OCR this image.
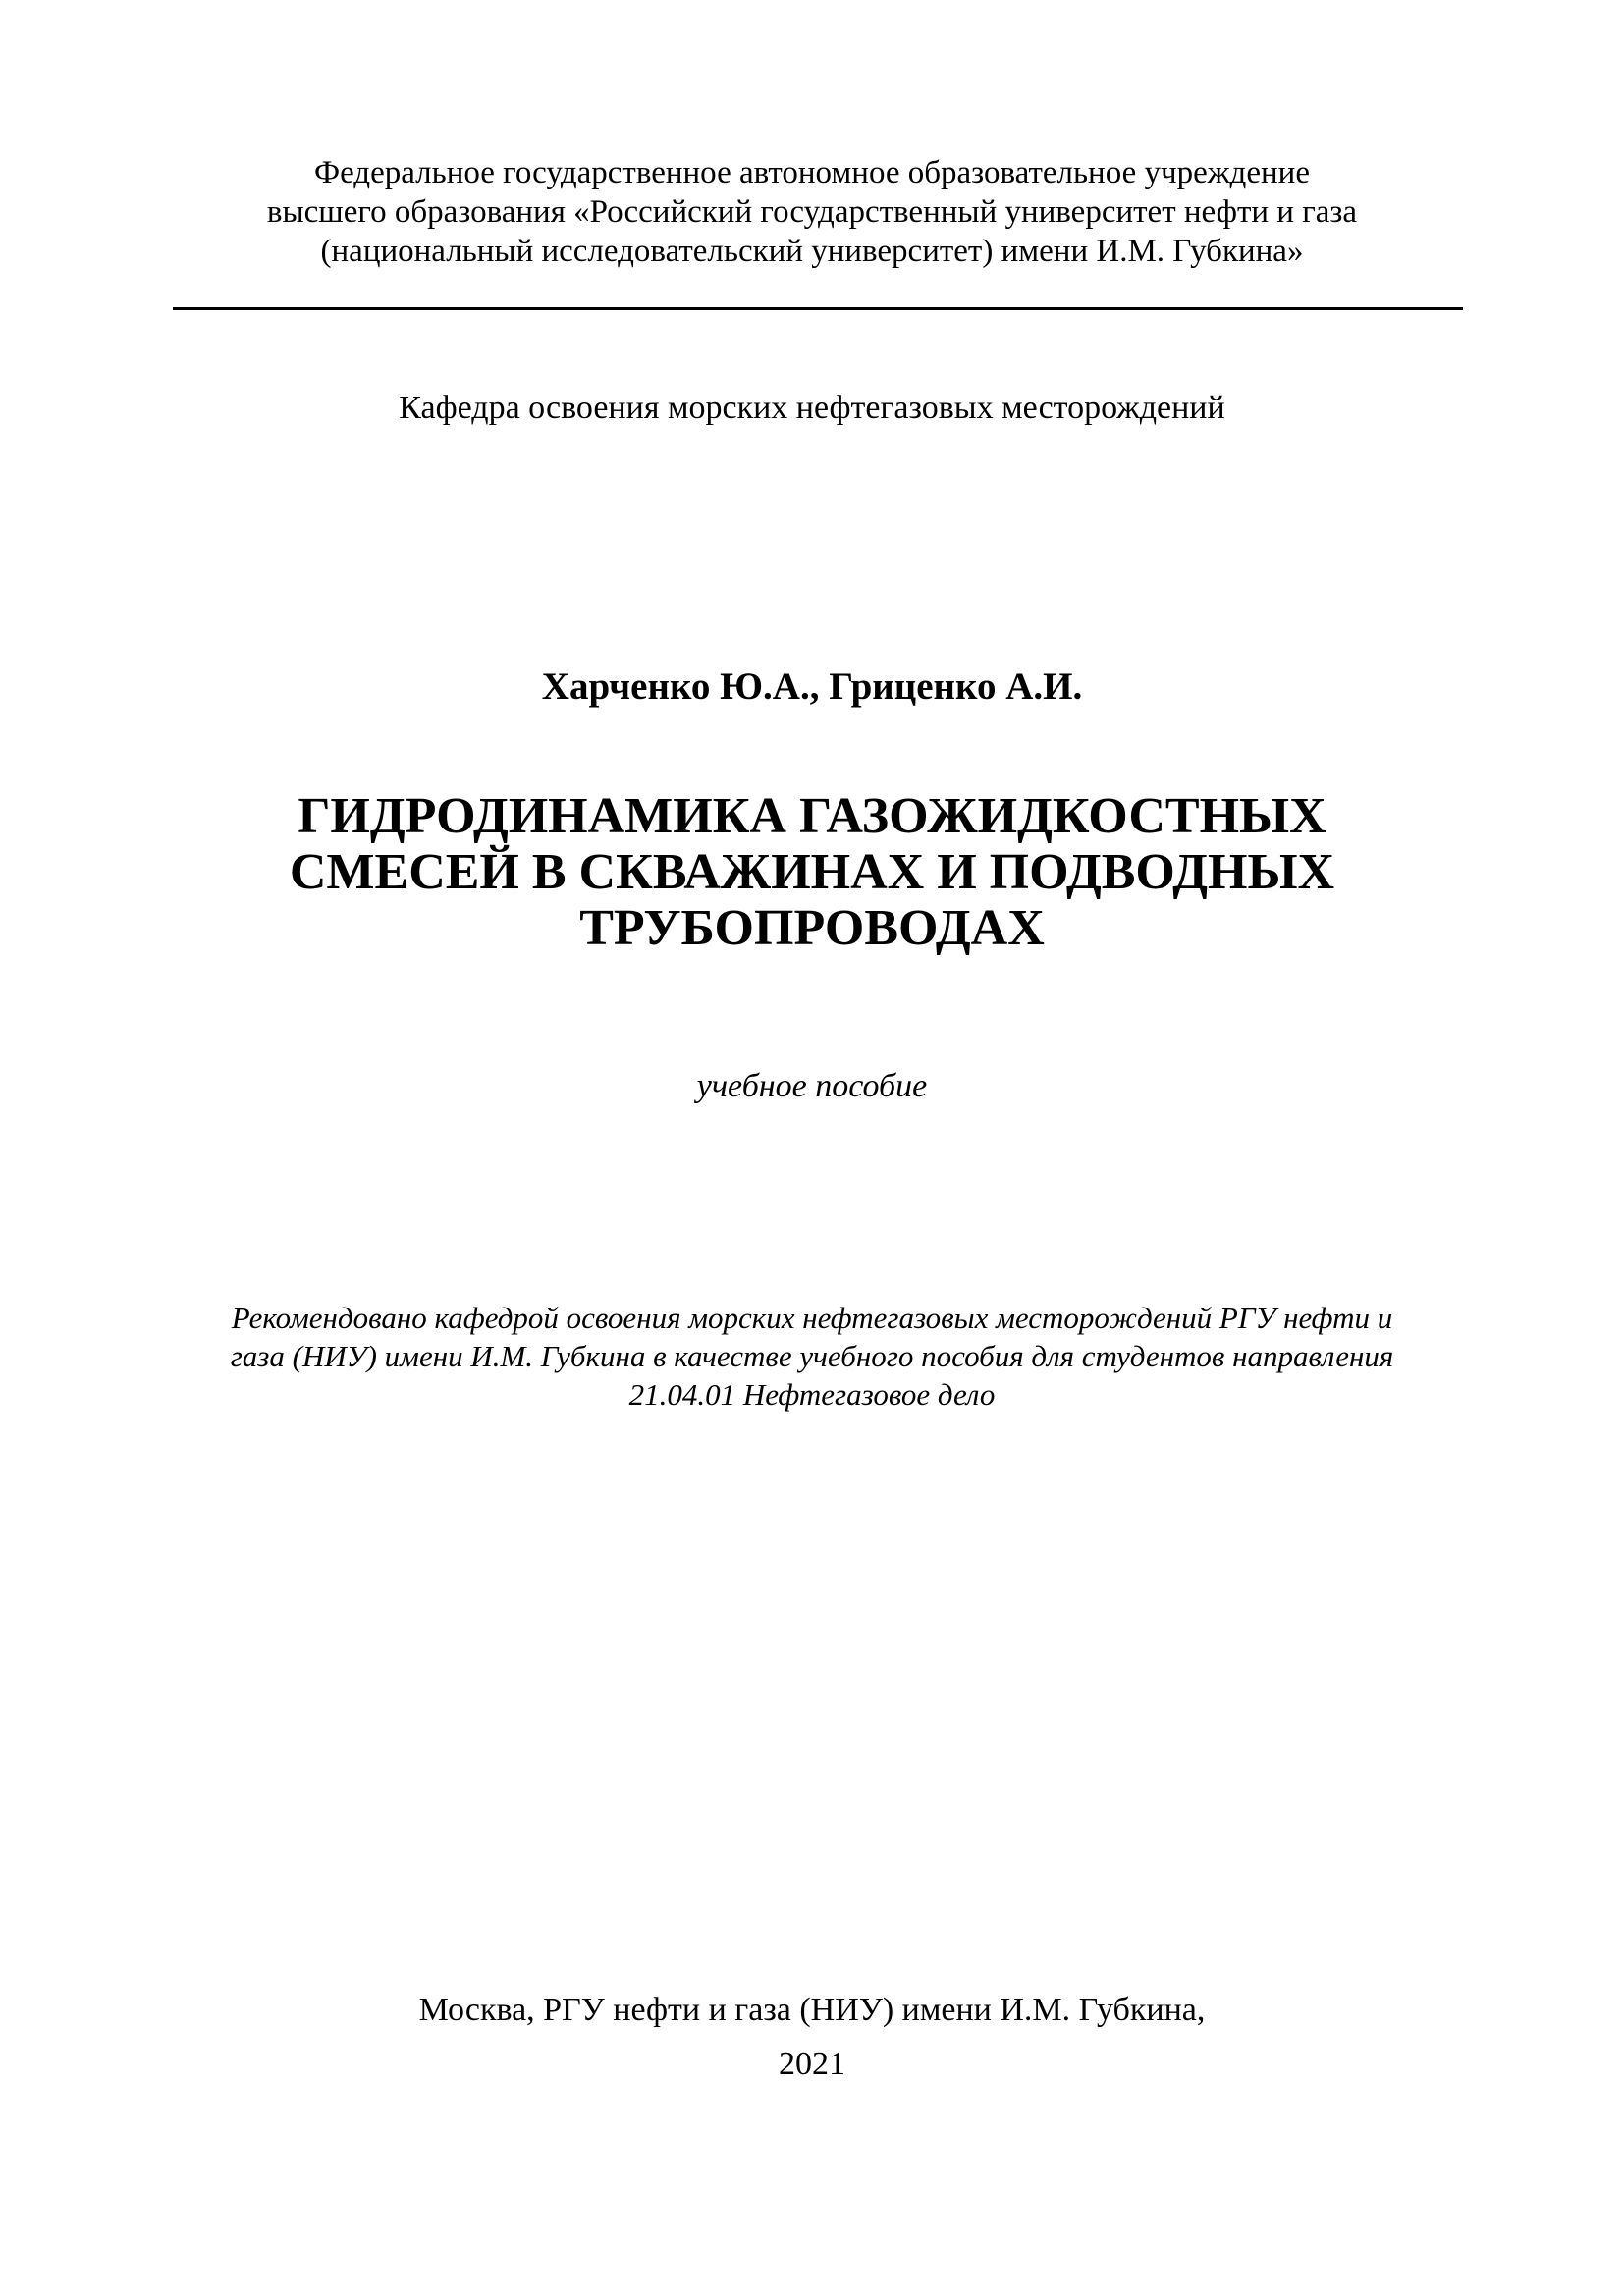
Федеральное государственное автономное образовательное учреждение
высшего образования «Российский государственный университет нефти и газа
(национальный исследовательский университет) имени И.М. Губкина»
Кафедра освоения морских нефтегазовых месторождений
Харченко Ю.А., Гриценко А.И.
ГИДРОДИНАМИКА ГАЗОЖИДКОСТНЫХ
СМЕСЕЙ В СКВАЖИНАХ И ПОДВОДНЫХ
ТРУБОПРОВОДАХ
учебное пособие
Рекомендовано кафедрой освоения морских нефтегазовых месторождений РГУ нефти и
газа (НИУ) имени И.М. Губкина в качестве учебного пособия для студентов направления
21.04.01 Нефтегазовое дело
Москва, РГУ нефти и газа (НИУ) имени И.М. Губкина,
2021
